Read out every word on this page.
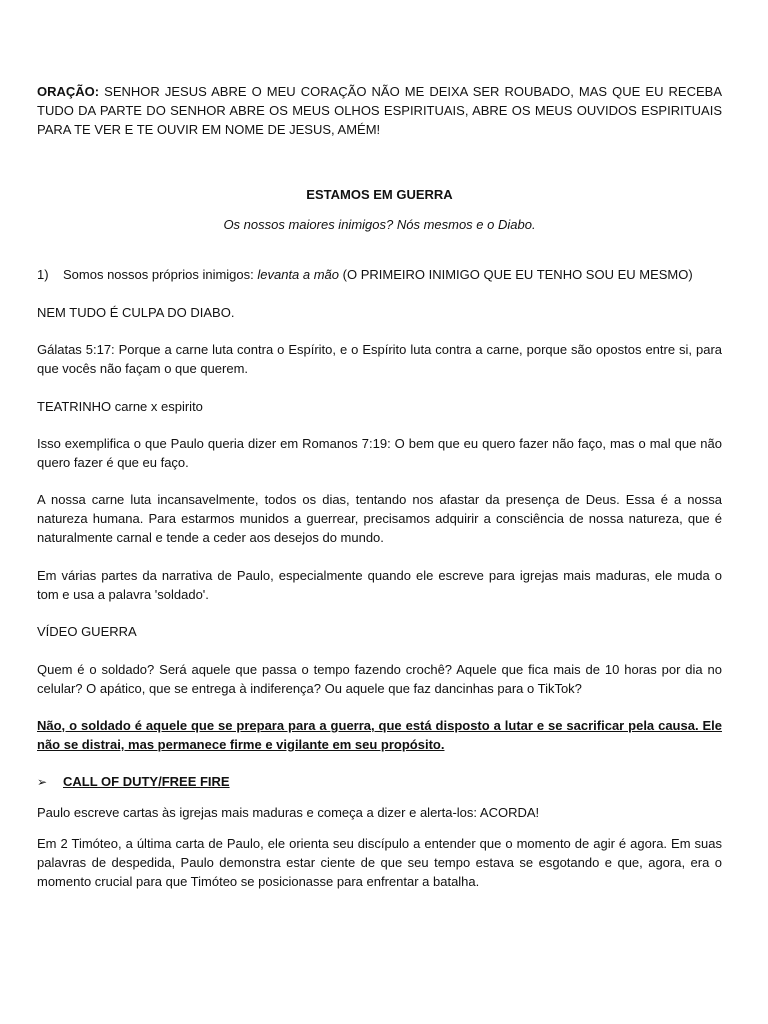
ORAÇÃO: SENHOR JESUS ABRE O MEU CORAÇÃO NÃO ME DEIXA SER ROUBADO, MAS QUE EU RECEBA TUDO DA PARTE DO SENHOR ABRE OS MEUS OLHOS ESPIRITUAIS, ABRE OS MEUS OUVIDOS ESPIRITUAIS PARA TE VER E TE OUVIR EM NOME DE JESUS, AMÉM!

ESTAMOS EM GUERRA

Os nossos maiores inimigos? Nós mesmos e o Diabo.

1) Somos nossos próprios inimigos: levanta a mão (O PRIMEIRO INIMIGO QUE EU TENHO SOU EU MESMO)

NEM TUDO É CULPA DO DIABO.

Gálatas 5:17: Porque a carne luta contra o Espírito, e o Espírito luta contra a carne, porque são opostos entre si, para que vocês não façam o que querem.

TEATRINHO carne x espirito

Isso exemplifica o que Paulo queria dizer em Romanos 7:19: O bem que eu quero fazer não faço, mas o mal que não quero fazer é que eu faço.

A nossa carne luta incansavelmente, todos os dias, tentando nos afastar da presença de Deus. Essa é a nossa natureza humana. Para estarmos munidos a guerrear, precisamos adquirir a consciência de nossa natureza, que é naturalmente carnal e tende a ceder aos desejos do mundo.

Em várias partes da narrativa de Paulo, especialmente quando ele escreve para igrejas mais maduras, ele muda o tom e usa a palavra 'soldado'.

VÍDEO GUERRA

Quem é o soldado? Será aquele que passa o tempo fazendo crochê? Aquele que fica mais de 10 horas por dia no celular? O apático, que se entrega à indiferença? Ou aquele que faz dancinhas para o TikTok?

Não, o soldado é aquele que se prepara para a guerra, que está disposto a lutar e se sacrificar pela causa. Ele não se distrai, mas permanece firme e vigilante em seu propósito.

➢ CALL OF DUTY/FREE FIRE

Paulo escreve cartas às igrejas mais maduras e começa a dizer e alerta-los: ACORDA!

Em 2 Timóteo, a última carta de Paulo, ele orienta seu discípulo a entender que o momento de agir é agora. Em suas palavras de despedida, Paulo demonstra estar ciente de que seu tempo estava se esgotando e que, agora, era o momento crucial para que Timóteo se posicionasse para enfrentar a batalha.
